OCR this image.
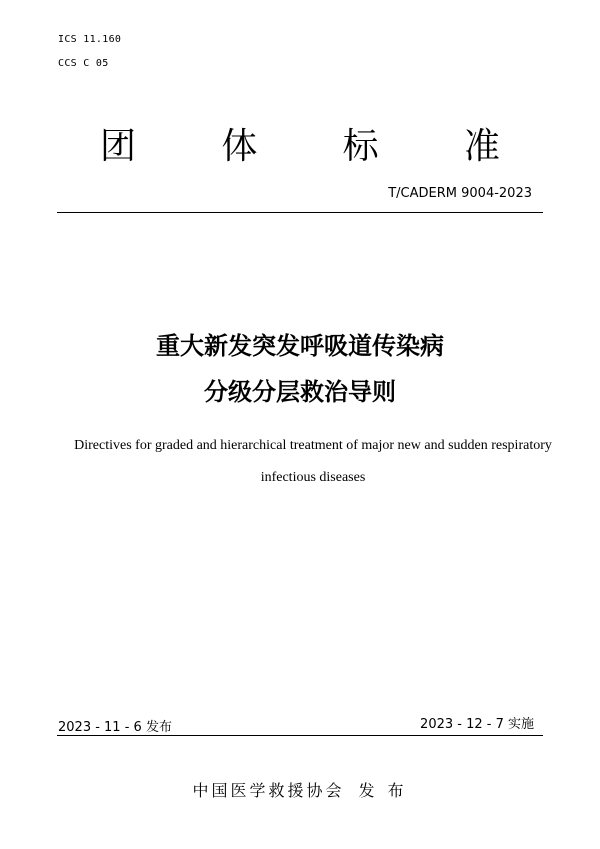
ICS 11.160
CCS C 05
团 体 标 准
T/CADERM 9004-2023
重大新发突发呼吸道传染病
分级分层救治导则
Directives for graded and hierarchical treatment of major new and sudden respiratory
infectious diseases
2023 - 11 - 6 发布	2023 - 12 - 7 实施
中国医学救援协会 发 布
